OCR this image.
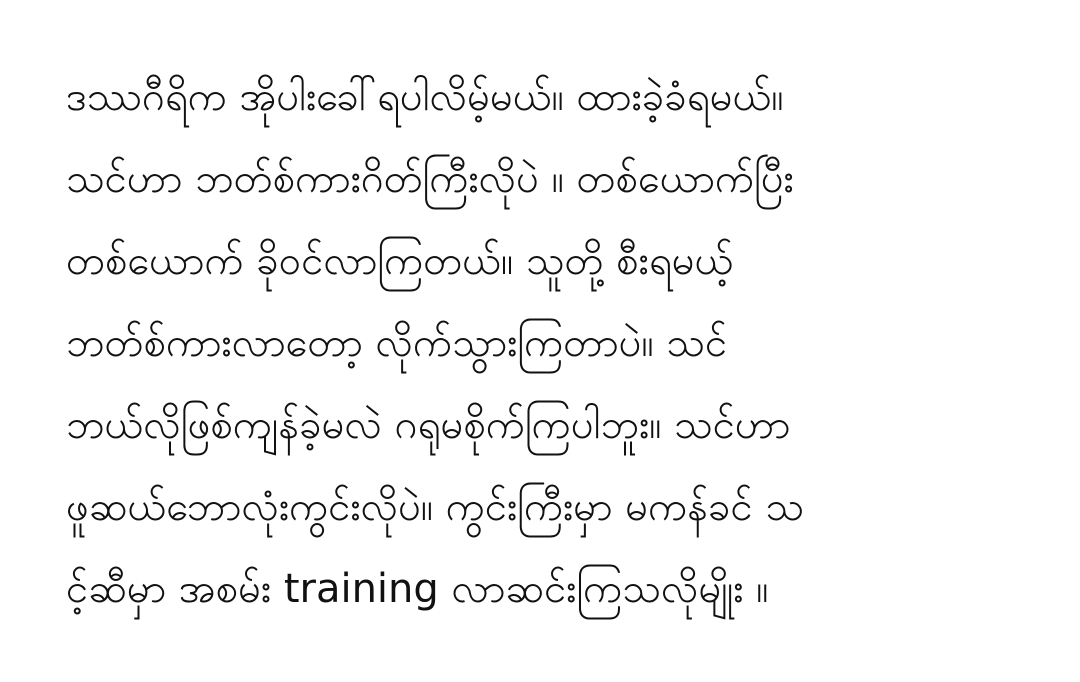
ဒဿဂီရိက အိုပါးခေါ်ရပါလိမ့်မယ်။ ထားခဲ့ခံရမယ်။
သင်ဟာ ဘတ်စ်ကားဂိတ်ကြီးလိုပဲ ။ တစ်ယောက်ပြီး
တစ်ယောက် ခိုဝင်လာကြတယ်။ သူတို့ စီးရမယ့်
ဘတ်စ်ကားလာတော့ လိုက်သွားကြတာပဲ။ သင်
ဘယ်လိုဖြစ်ကျန်ခဲ့မလဲ ဂရုမစိုက်ကြပါဘူး။ သင်ဟာ
ဖူဆယ်ဘောလုံးကွင်းလိုပဲ။ ကွင်းကြီးမှာ မကန်ခင် သ
င့်ဆီမှာ အစမ်း training လာဆင်းကြသလိုမျိုး ။
